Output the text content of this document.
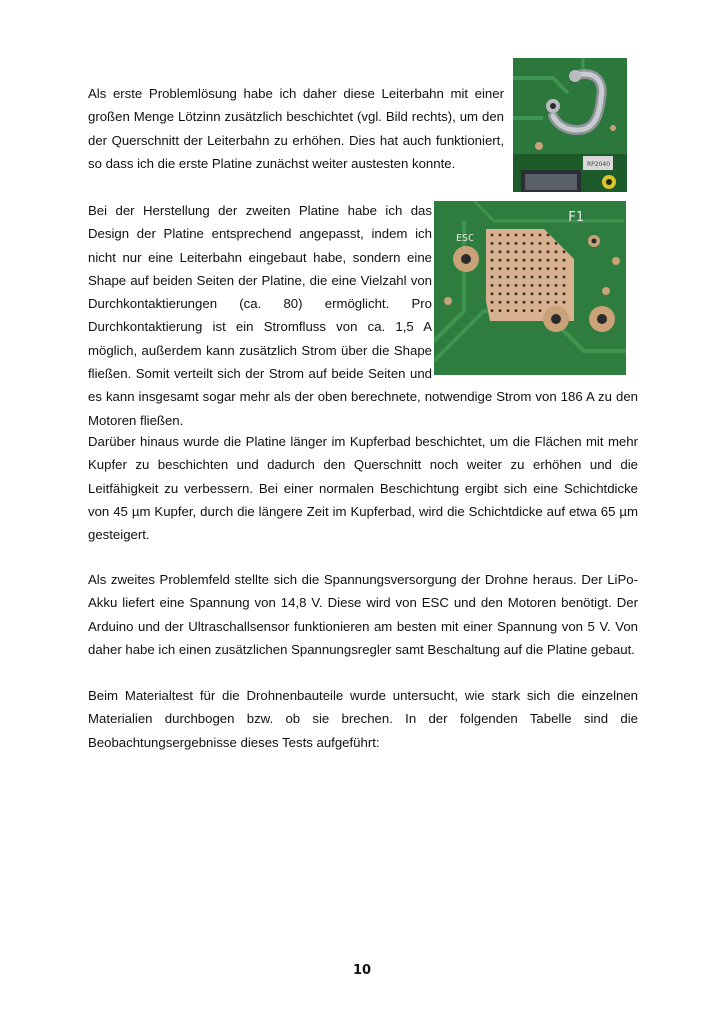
Als erste Problemlösung habe ich daher diese Leiterbahn mit einer großen Menge Lötzinn zusätzlich beschichtet (vgl. Bild rechts), um den der Querschnitt der Leiterbahn zu erhöhen. Dies hat auch funktioniert, so dass ich die erste Platine zunächst weiter austesten konnte.	RP2040
Bei der Herstellung der zweiten Platine habe ich das Design der Platine entsprechend angepasst, indem ich nicht nur eine Leiterbahn eingebaut habe, sondern eine Shape auf beiden Seiten der Platine, die eine Vielzahl von Durchkontaktierungen (ca. 80) ermöglicht. Pro Durchkontaktierung ist ein Stromfluss von ca. 1,5 A möglich, außerdem kann zusätzlich Strom über die Shape fließen. Somit verteilt sich der Strom auf beide Seiten und es kann insgesamt sogar mehr als der oben berechnete, notwendige Strom von 186 A zu den Motoren fließen.
ESC
F1

Darüber hinaus wurde die Platine länger im Kupferbad beschichtet, um die Flächen mit mehr Kupfer zu beschichten und dadurch den Querschnitt noch weiter zu erhöhen und die Leitfähigkeit zu verbessern. Bei einer normalen Beschichtung ergibt sich eine Schichtdicke von 45 µm Kupfer, durch die längere Zeit im Kupferbad, wird die Schichtdicke auf etwa 65 µm gesteigert.

Als zweites Problemfeld stellte sich die Spannungsversorgung der Drohne heraus. Der LiPo-Akku liefert eine Spannung von 14,8 V. Diese wird von ESC und den Motoren benötigt. Der Arduino und der Ultraschallsensor funktionieren am besten mit einer Spannung von 5 V. Von daher habe ich einen zusätzlichen Spannungsregler samt Beschaltung auf die Platine gebaut.

Beim Materialtest für die Drohnenbauteile wurde untersucht, wie stark sich die einzelnen Materialien durchbogen bzw. ob sie brechen. In der folgenden Tabelle sind die Beobachtungsergebnisse dieses Tests aufgeführt:

10
